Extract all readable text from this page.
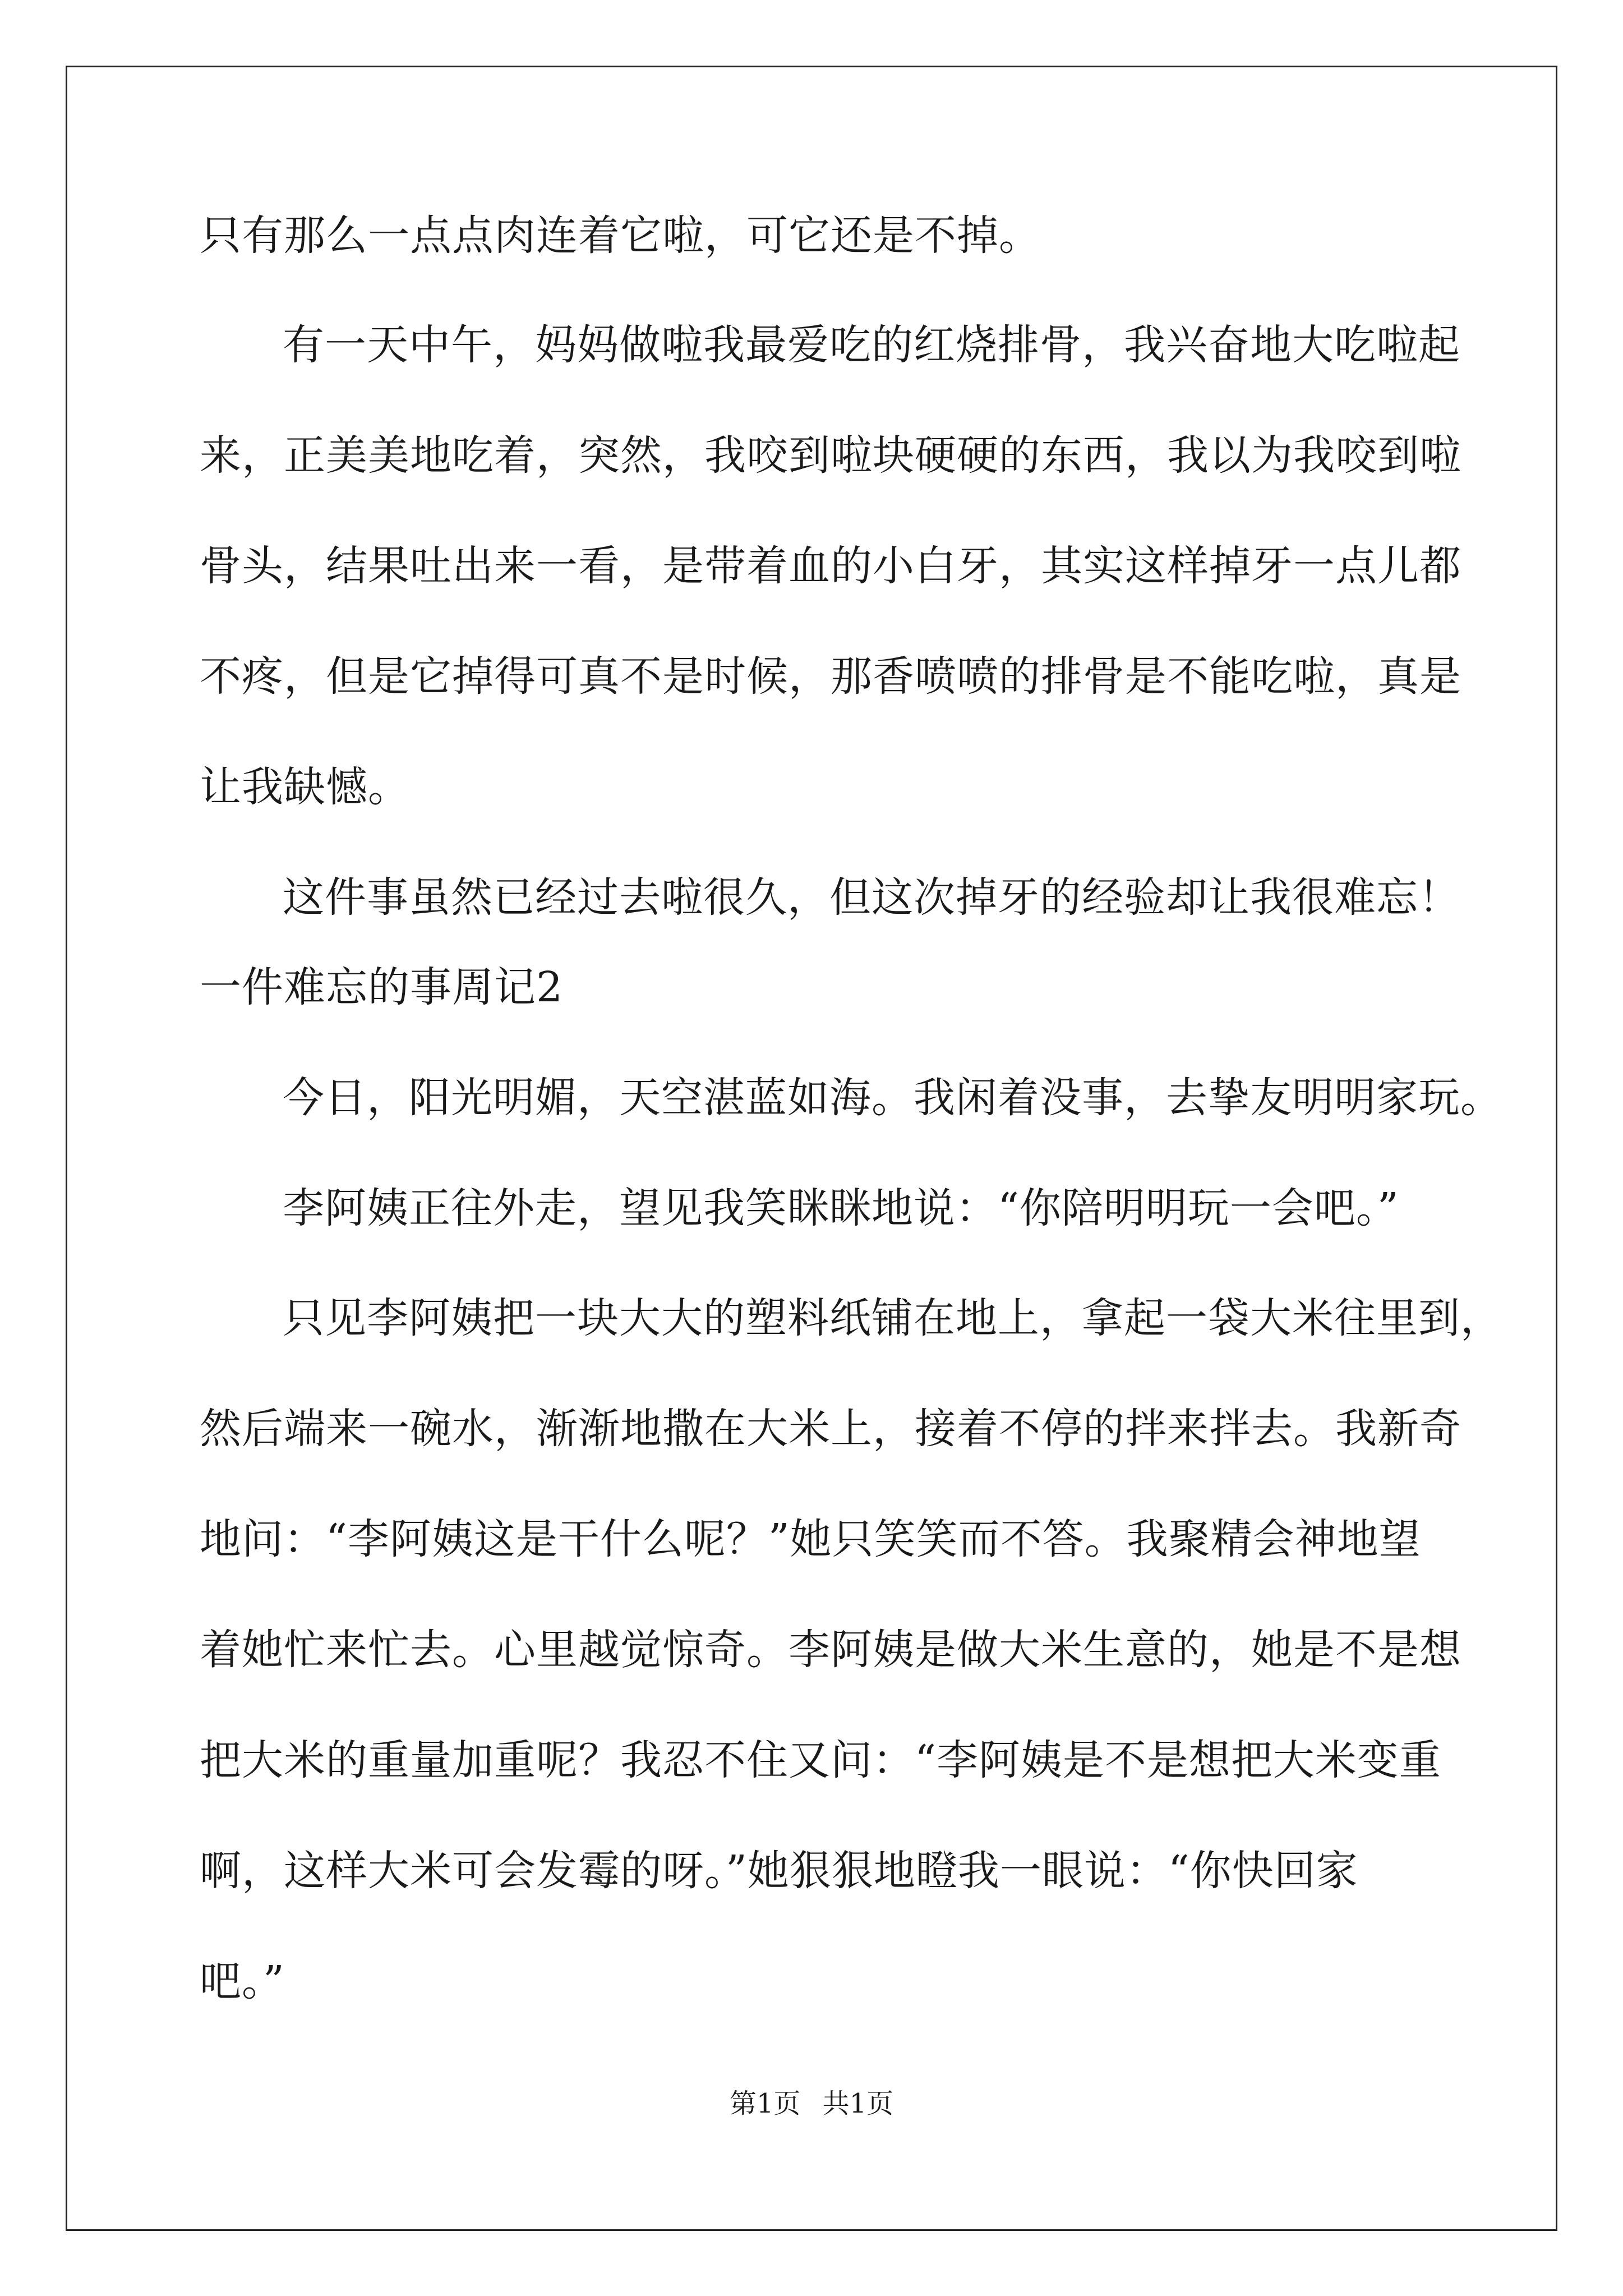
只有那么一点点肉连着它啦，可它还是不掉。
有一天中午，妈妈做啦我最爱吃的红烧排骨，我兴奋地大吃啦起
来，正美美地吃着，突然，我咬到啦块硬硬的东西，我以为我咬到啦
骨头，结果吐出来一看，是带着血的小白牙，其实这样掉牙一点儿都
不疼，但是它掉得可真不是时候，那香喷喷的排骨是不能吃啦，真是
让我缺憾。
这件事虽然已经过去啦很久，但这次掉牙的经验却让我很难忘！
一件难忘的事周记2
今日，阳光明媚，天空湛蓝如海。我闲着没事，去挚友明明家玩。
李阿姨正往外走，望见我笑眯眯地说：“你陪明明玩一会吧。”
只见李阿姨把一块大大的塑料纸铺在地上，拿起一袋大米往里到，
然后端来一碗水，渐渐地撒在大米上，接着不停的拌来拌去。我新奇
地问：“李阿姨这是干什么呢？”她只笑笑而不答。我聚精会神地望
着她忙来忙去。心里越觉惊奇。李阿姨是做大米生意的，她是不是想
把大米的重量加重呢？我忍不住又问：“李阿姨是不是想把大米变重
啊，这样大米可会发霉的呀。”她狠狠地瞪我一眼说：“你快回家
吧。”
第1页 共1页
